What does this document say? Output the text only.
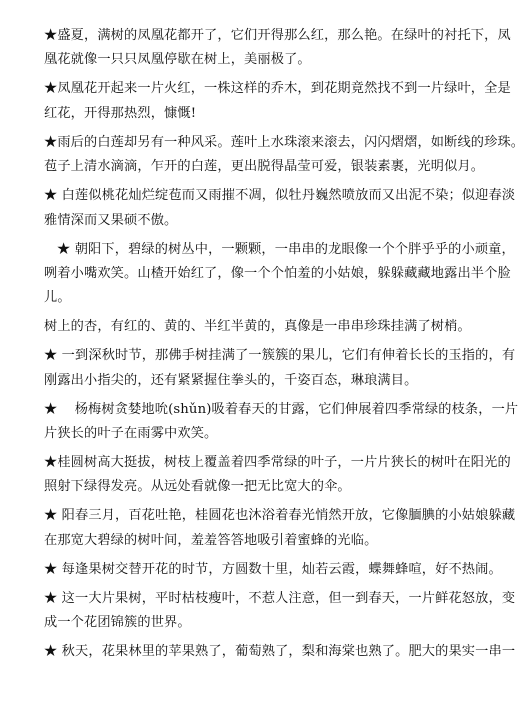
★盛夏，满树的凤凰花都开了，它们开得那么红，那么艳。在绿叶的衬托下，凤
凰花就像一只只凤凰停歇在树上，美丽极了。
★凤凰花开起来一片火红，一株这样的乔木，到花期竟然找不到一片绿叶，全是
红花，开得那热烈，慷慨!
★雨后的白莲却另有一种风采。莲叶上水珠滚来滚去，闪闪熠熠，如断线的珍珠。
苞子上清水滴滴，乍开的白莲，更出脱得晶莹可爱，银装素裹，光明似月。
★ 白莲似桃花灿烂绽苞而又雨摧不凋，似牡丹巍然喷放而又出泥不染；似迎春淡
雅情深而又果硕不傲。
★ 朝阳下，碧绿的树丛中，一颗颗，一串串的龙眼像一个个胖乎乎的小顽童，
咧着小嘴欢笑。山楂开始红了，像一个个怕羞的小姑娘，躲躲藏藏地露出半个脸
儿。
树上的杏，有红的、黄的、半红半黄的，真像是一串串珍珠挂满了树梢。
★ 一到深秋时节，那佛手树挂满了一簇簇的果儿，它们有伸着长长的玉指的，有
刚露出小指尖的，还有紧紧握住拳头的，千姿百态，琳琅满目。
★    杨梅树贪婪地吮(shǔn)吸着春天的甘露，它们伸展着四季常绿的枝条，一片
片狭长的叶子在雨雾中欢笑。
★桂圆树高大挺拔，树枝上覆盖着四季常绿的叶子，一片片狭长的树叶在阳光的
照射下绿得发亮。从远处看就像一把无比宽大的伞。
★ 阳春三月，百花吐艳，桂圆花也沐浴着春光悄然开放，它像腼腆的小姑娘躲藏
在那宽大碧绿的树叶间，羞羞答答地吸引着蜜蜂的光临。
★ 每逢果树交替开花的时节，方圆数十里，灿若云霞，蝶舞蜂喧，好不热闹。
★ 这一大片果树，平时枯枝瘦叶，不惹人注意，但一到春天，一片鲜花怒放，变
成一个花团锦簇的世界。
★ 秋天，花果林里的苹果熟了，葡萄熟了，梨和海棠也熟了。肥大的果实一串一
